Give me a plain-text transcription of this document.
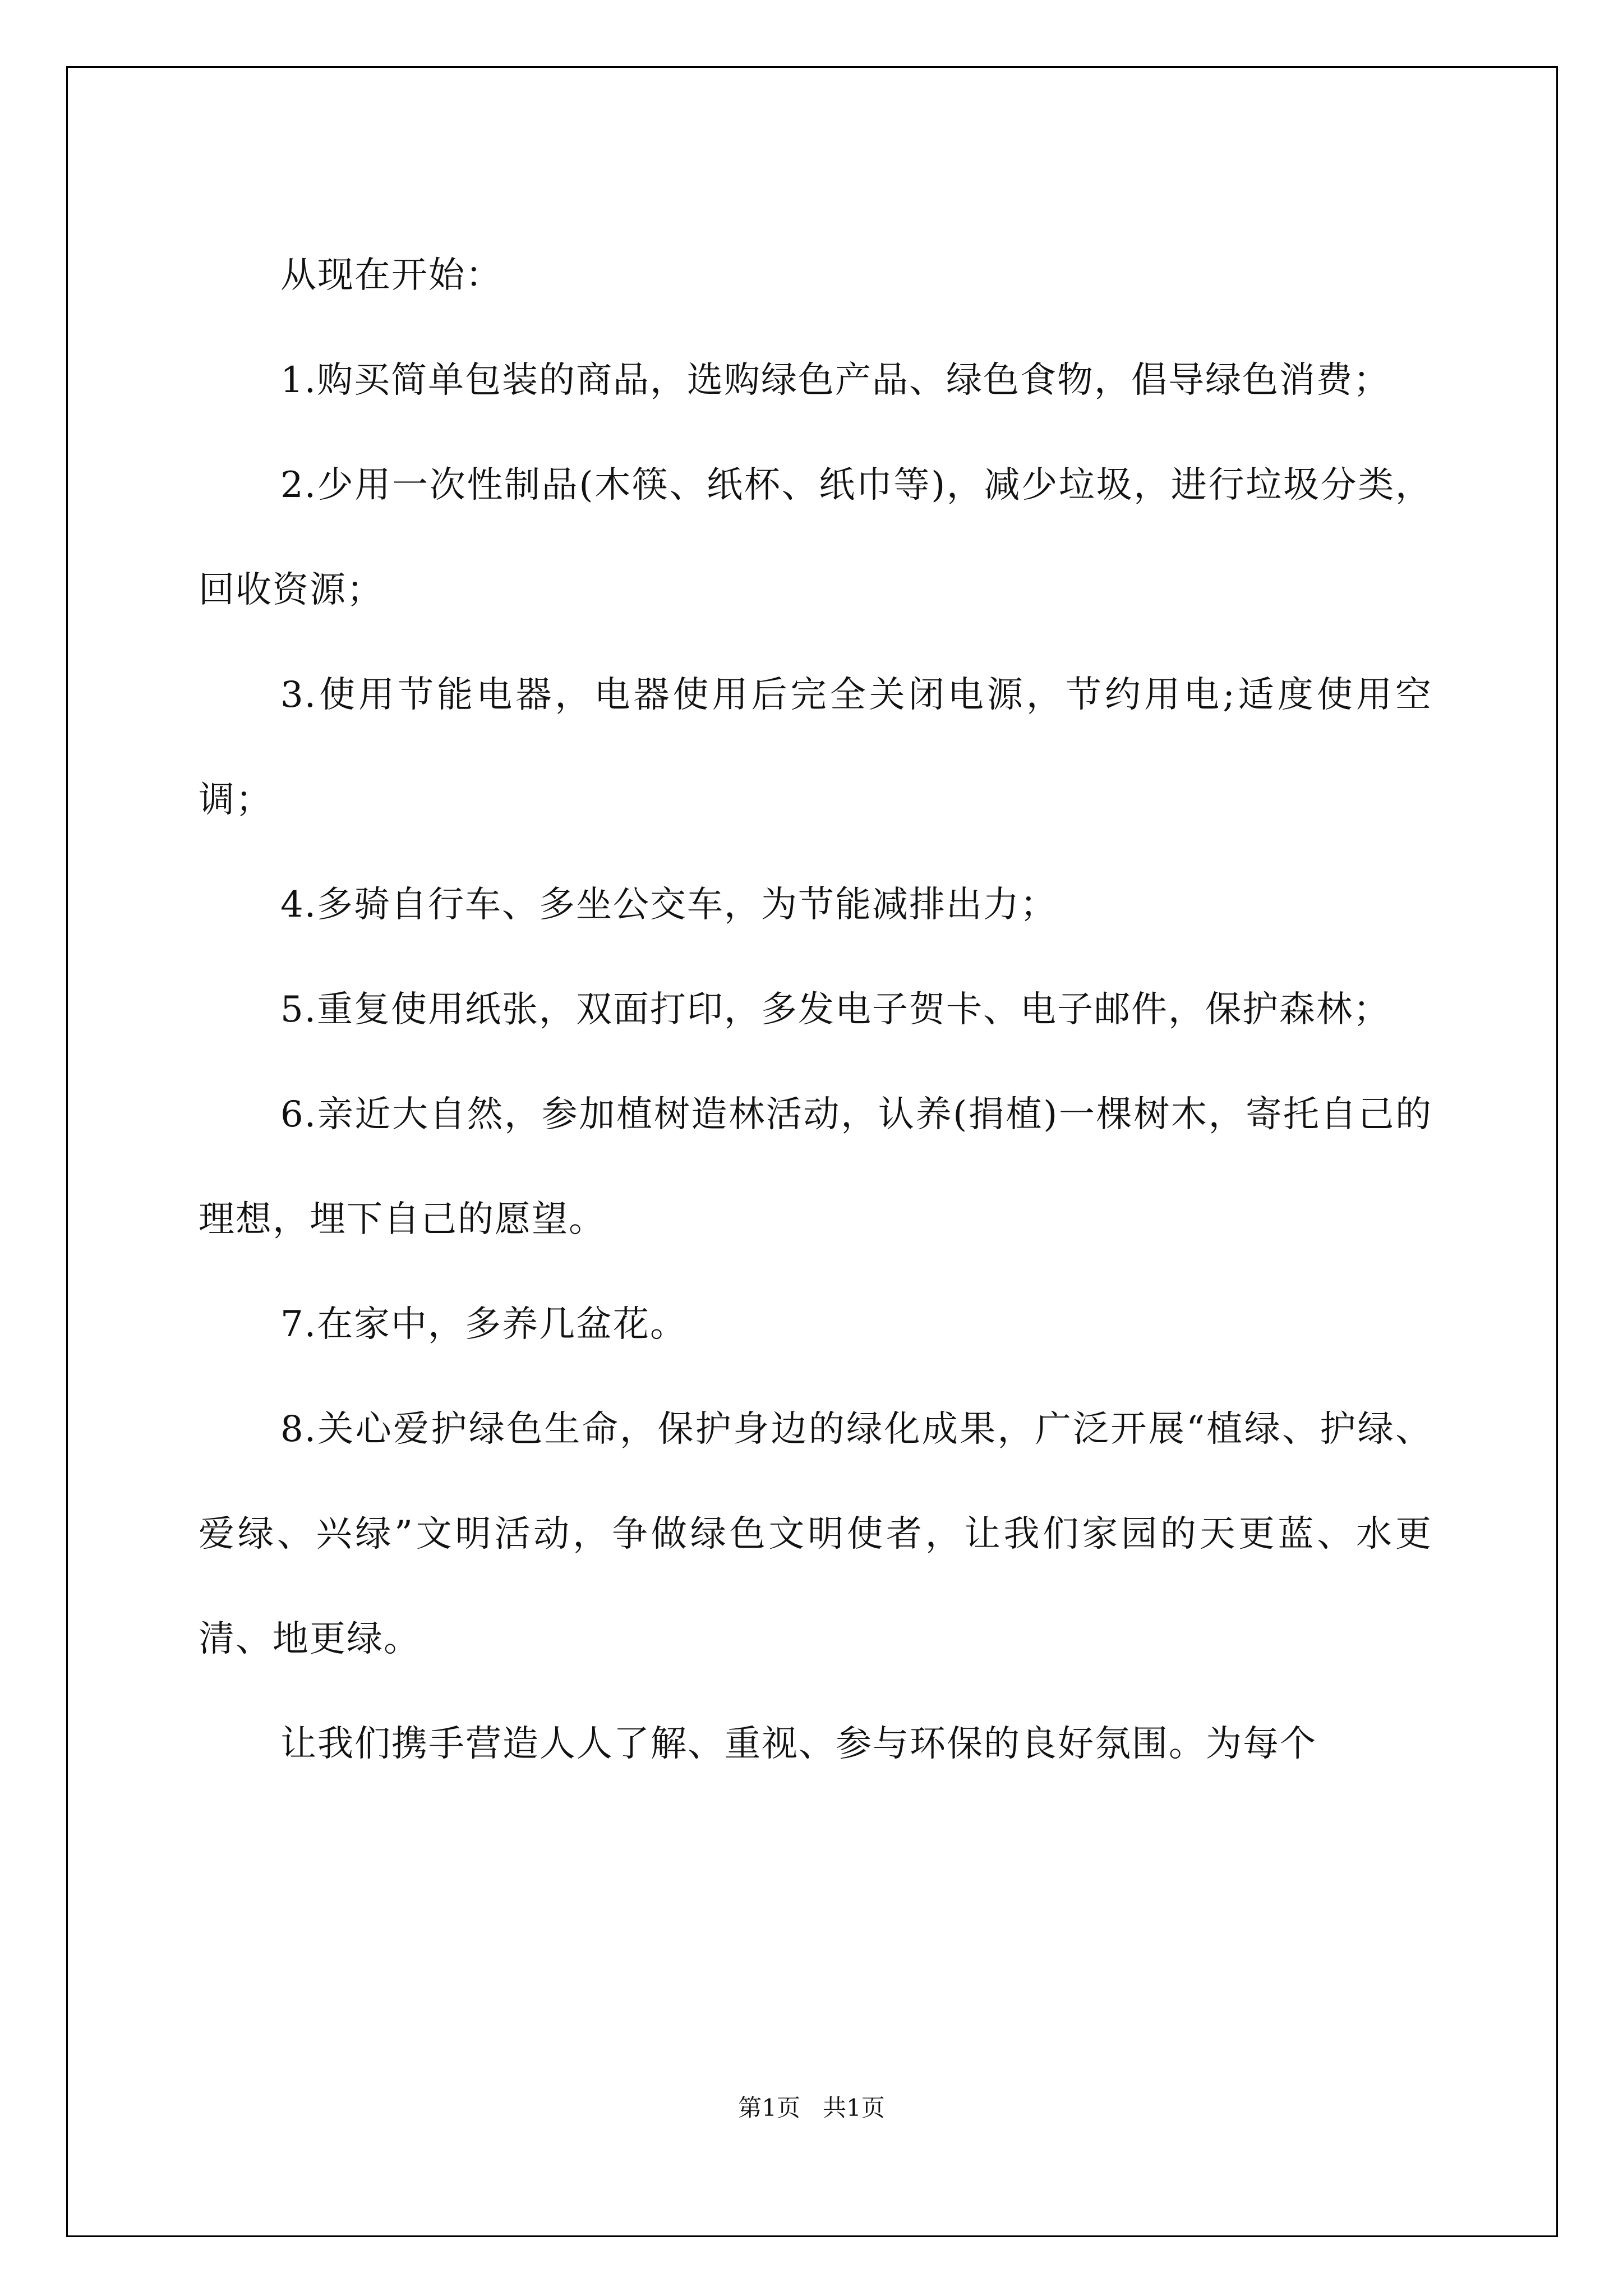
从现在开始：

1.购买简单包装的商品，选购绿色产品、绿色食物，倡导绿色消费；

2.少用一次性制品(木筷、纸杯、纸巾等)，减少垃圾，进行垃圾分类，回收资源；

3.使用节能电器，电器使用后完全关闭电源，节约用电;适度使用空调；

4.多骑自行车、多坐公交车，为节能减排出力；

5.重复使用纸张，双面打印，多发电子贺卡、电子邮件，保护森林；

6.亲近大自然，参加植树造林活动，认养(捐植)一棵树木，寄托自己的理想，埋下自己的愿望。

7.在家中，多养几盆花。

8.关心爱护绿色生命，保护身边的绿化成果，广泛开展“植绿、护绿、爱绿、兴绿”文明活动，争做绿色文明使者，让我们家园的天更蓝、水更清、地更绿。

让我们携手营造人人了解、重视、参与环保的良好氛围。为每个

第1页   共1页
